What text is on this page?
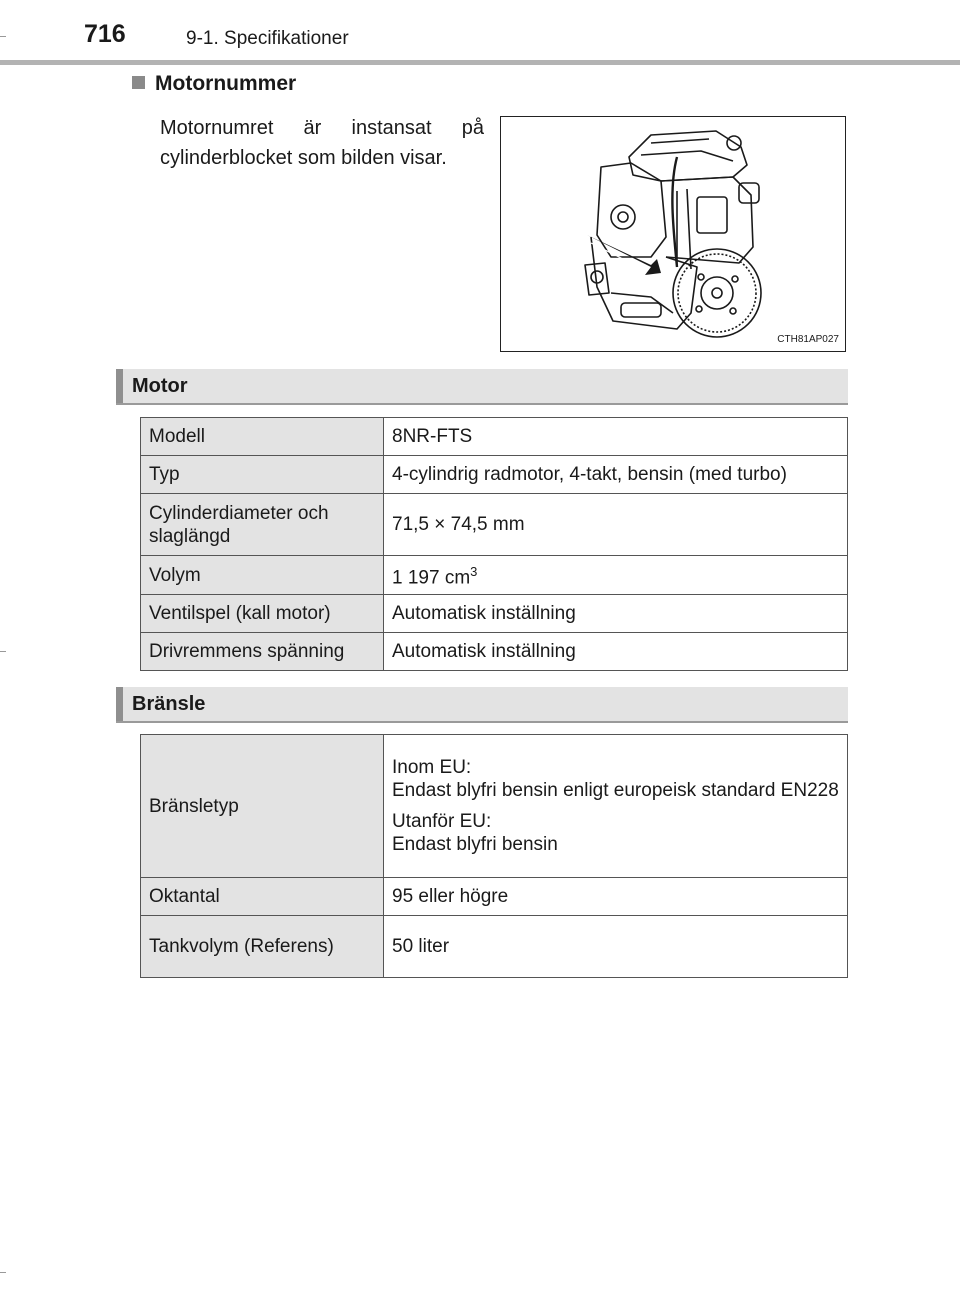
716	9-1. Specifikationer
Motornummer
Motornumret är instansat på cylinderblocket som bilden visar.
CTH81AP027
Motor
Modell	8NR-FTS
Typ	4-cylindrig radmotor, 4-takt, bensin (med turbo)
Cylinderdiameter och slaglängd	71,5 × 74,5 mm
Volym	1 197 $cm^3$
Ventilspel (kall motor)	Automatisk inställning
Drivremmens spänning	Automatisk inställning
Bränsle
Bränsletyp	Inom EU:
Endast blyfri bensin enligt europeisk standard EN228
Utanför EU:
Endast blyfri bensin

Oktantal	95 eller högre
Tankvolym (Referens)	50 liter
